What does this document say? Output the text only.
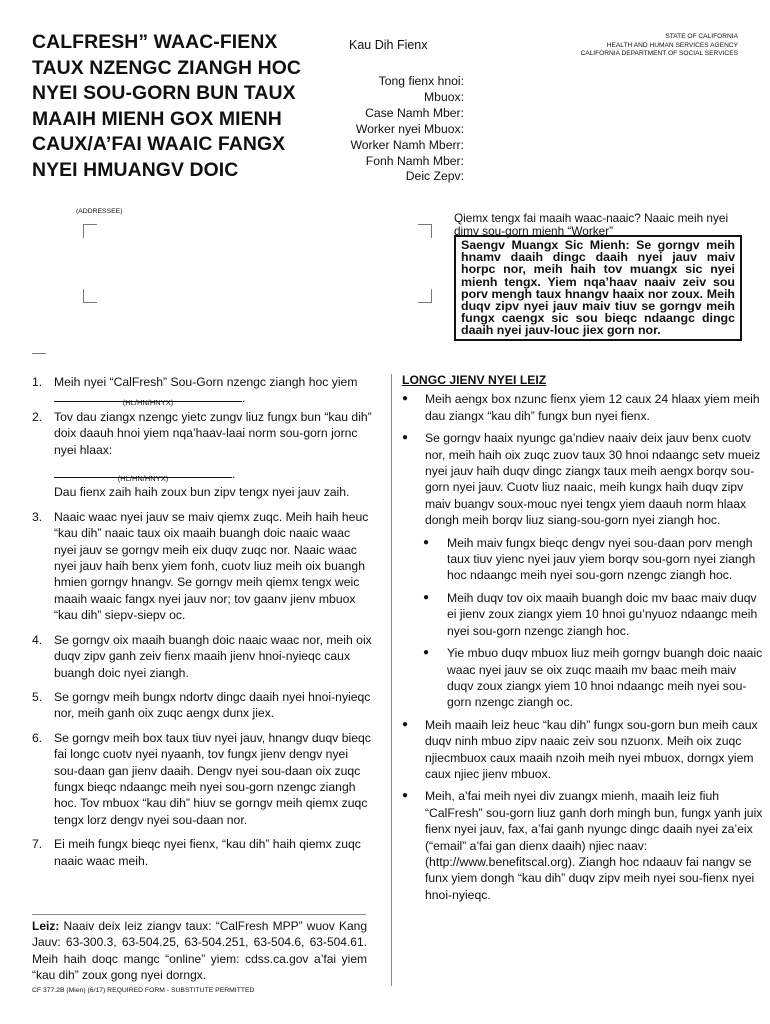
CALFRESH” WAAC-FIENX
TAUX NZENGC ZIANGH HOC
NYEI SOU-GORN BUN TAUX
MAAIH MIENH GOX MIENH
CAUX/A’FAI WAAIC FANGX
NYEI HMUANGV DOIC
Kau Dih Fienx
STATE OF CALIFORNIA
HEALTH AND HUMAN SERVICES AGENCY
CALIFORNIA DEPARTMENT OF SOCIAL SERVICES
Tong fienx hnoi:
Mbuox:
Case Namh Mber:
Worker nyei Mbuox:
Worker Namh Mberr:
Fonh Namh Mber:
Deic Zepv:
(ADDRESSEE)	Qiemx tengx fai maaih waac-naaic? Naaic meih nyei dimv sou-gorn mienh “Worker”
Saengv Muangx Sic Mienh: Se gorngv meih hnamv daaih dingc daaih nyei jauv maiv horpc nor, meih haih tov muangx sic nyei mienh tengx. Yiem nqa’haav naaiv zeiv sou porv mengh taux hnangv haaix nor zoux. Meih duqv zipv nyei jauv maiv tiuv se gorngv meih fungx caengx sic sou bieqc ndaangc dingc daaih nyei jauv-louc jiex gorn nor.
1. Meih nyei “CalFresh” Sou-Gorn nzengc ziangh hoc yiem
(HL/HN/HNYX)	.
2. Tov dau ziangx nzengc yietc zungv liuz fungx bun “kau dih” doix daauh hnoi yiem nqa’haav-laai norm sou-gorn jornc nyei hlaax:

(HL/HN/HNYX)	.
Dau fienx zaih haih zoux bun zipv tengx nyei jauv zaih.
3. Naaic waac nyei jauv se maiv qiemx zuqc. Meih haih heuc “kau dih” naaic taux oix maaih buangh doic naaic waac nyei jauv se gorngv meih eix duqv zuqc nor. Naaic waac nyei jauv haih benx yiem fonh, cuotv liuz meih oix buangh hmien gorngv hnangv. Se gorngv meih qiemx tengx weic maaih waaic fangx nyei jauv nor; tov gaanv jienv mbuox “kau dih” siepv-siepv oc.
4. Se gorngv oix maaih buangh doic naaic waac nor, meih oix duqv zipv ganh zeiv fienx maaih jienv hnoi-nyieqc caux buangh doic nyei ziangh.
5. Se gorngv meih bungx ndortv dingc daaih nyei hnoi-nyieqc nor, meih ganh oix zuqc aengx dunx jiex.
6. Se gorngv meih box taux tiuv nyei jauv, hnangv duqv bieqc fai longc cuotv nyei nyaanh, tov fungx jienv dengv nyei sou-daan gan jienv daaih. Dengv nyei sou-daan oix zuqc fungx bieqc ndaangc meih nyei sou-gorn nzengc ziangh hoc. Tov mbuox “kau dih” hiuv se gorngv meih qiemx zuqc tengx lorz dengv nyei sou-daan nor.
7. Ei meih fungx bieqc nyei fienx, “kau dih” haih qiemx zuqc naaic waac meih.
Leiz: Naaiv deix leiz ziangv taux: “CalFresh MPP” wuov Kang Jauv: 63-300.3, 63-504.25, 63-504.251, 63-504.6, 63-504.61. Meih haih doqc mangc “online” yiem: cdss.ca.gov a’fai yiem “kau dih” zoux gong nyei dorngx.
CF 377.2B (Mien) (6/17) REQUIRED FORM - SUBSTITUTE PERMITTED
LONGC JIENV NYEI LEIZ
●	Meih aengx box nzunc fienx yiem 12 caux 24 hlaax yiem meih dau ziangx “kau dih” fungx bun nyei fienx.
●	Se gorngv haaix nyungc ga’ndiev naaiv deix jauv benx cuotv nor, meih haih oix zuqc zuov taux 30 hnoi ndaangc setv mueiz nyei jauv haih duqv dingc ziangx taux meih aengx borqv sou-gorn nyei jauv. Cuotv liuz naaic, meih kungx haih duqv zipv maiv buangv soux-mouc nyei tengx yiem daauh norm hlaax dongh meih borqv liuz siang-sou-gorn nyei ziangh hoc.
●	Meih maiv fungx bieqc dengv nyei sou-daan porv mengh taux tiuv yienc nyei jauv yiem borqv sou-gorn nyei ziangh hoc ndaangc meih nyei sou-gorn nzengc ziangh hoc.
●	Meih duqv tov oix maaih buangh doic mv baac maiv duqv ei jienv zoux ziangx yiem 10 hnoi gu’nyuoz ndaangc meih nyei sou-gorn nzengc ziangh hoc.
●	Yie mbuo duqv mbuox liuz meih gorngv buangh doic naaic waac nyei jauv se oix zuqc maaih mv baac meih maiv duqv zoux ziangx yiem 10 hnoi ndaangc meih nyei sou-gorn nzengc ziangh oc.
●	Meih maaih leiz heuc “kau dih” fungx sou-gorn bun meih caux duqv ninh mbuo zipv naaic zeiv sou nzuonx. Meih oix zuqc njiecmbuox caux maaih nzoih meih nyei mbuox, dorngx yiem caux njiec jienv mbuox.
●	Meih, a’fai meih nyei div zuangx mienh, maaih leiz fiuh “CalFresh” sou-gorn liuz ganh dorh mingh bun, fungx yanh juix fienx nyei jauv, fax, a’fai ganh nyungc dingc daaih nyei za’eix (“email” a’fai gan dienx daaih) njiec naav: (http://www.benefitscal.org). Ziangh hoc ndaauv fai nangv se funx yiem dongh “kau dih” duqv zipv meih nyei sou-fienx nyei hnoi-nyieqc.
